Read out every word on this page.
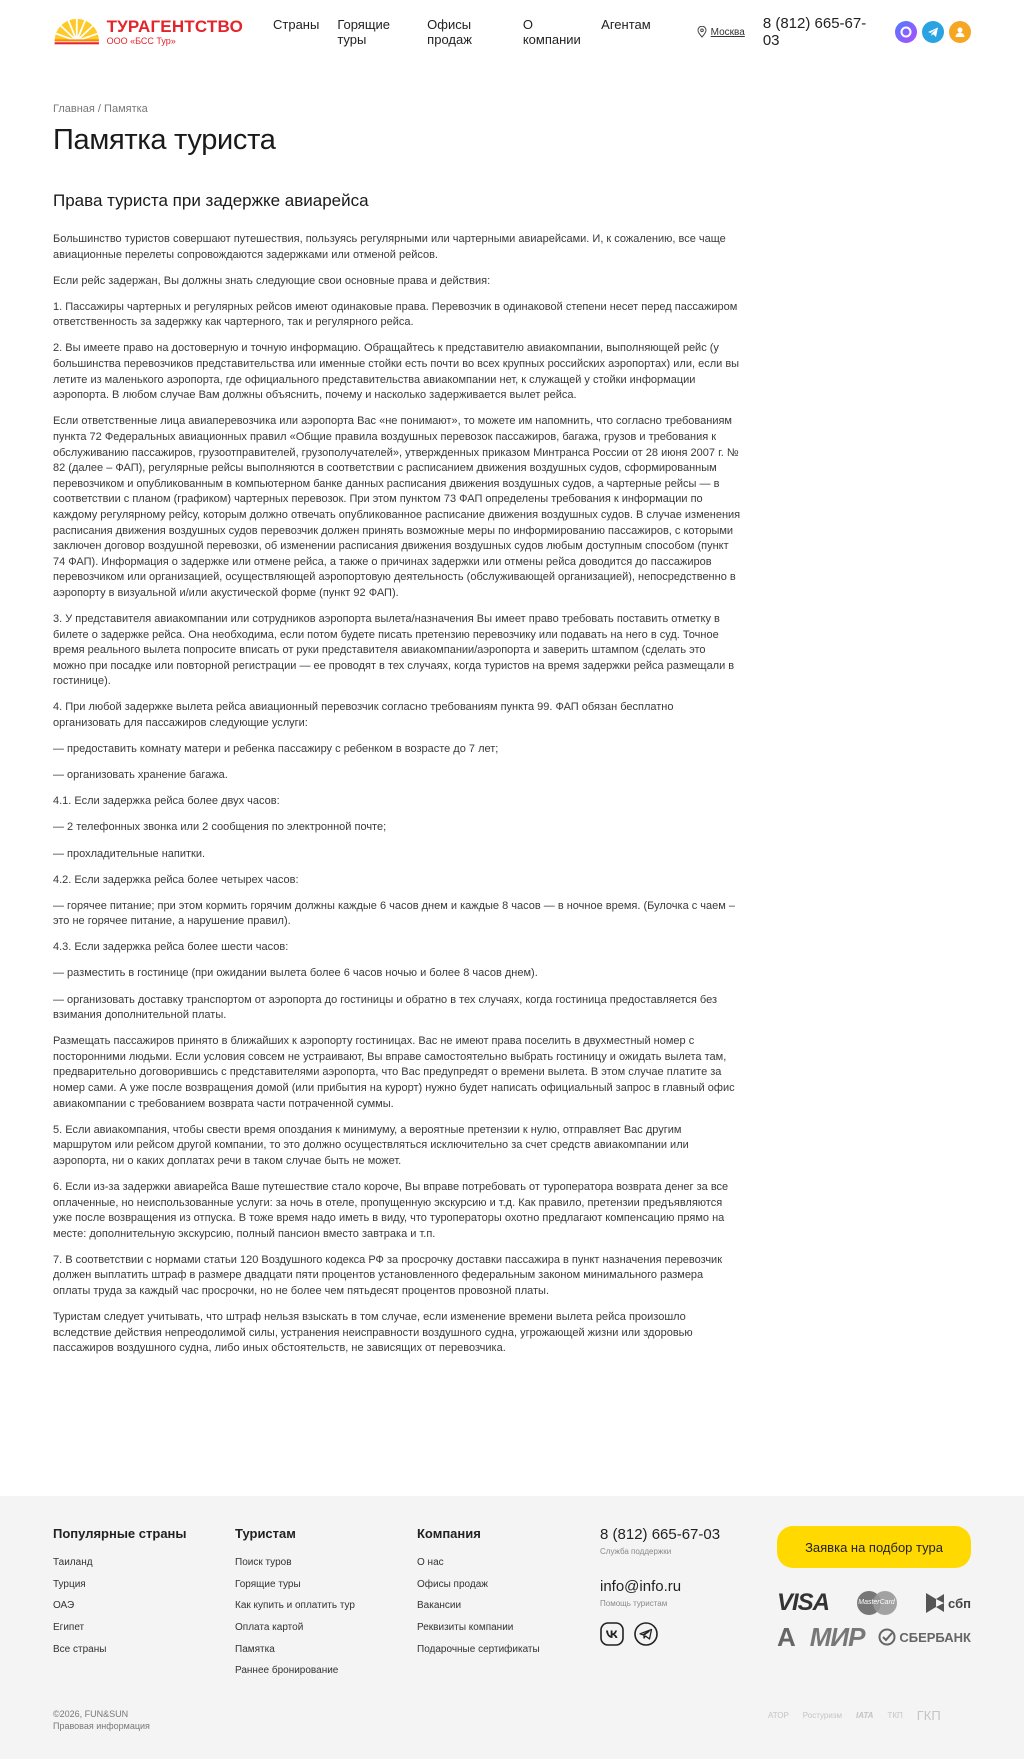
ТУРАГЕНТСТВО
ООО «БСС Тур»
Страны Горящие туры
Офисы продаж
О компании
Агентам	Москва 8 (812) 665-67-03
Главная / Памятка
Памятка туриста
Права туриста при задержке авиарейса

Большинство туристов совершают путешествия, пользуясь регулярными или чартерными авиарейсами. И, к сожалению, все чаще авиационные перелеты сопровождаются задержками или отменой рейсов.

Если рейс задержан, Вы должны знать следующие свои основные права и действия:

1. Пассажиры чартерных и регулярных рейсов имеют одинаковые права. Перевозчик в одинаковой степени несет перед пассажиром ответственность за задержку как чартерного, так и регулярного рейса.

2. Вы имеете право на достоверную и точную информацию. Обращайтесь к представителю авиакомпании, выполняющей рейс (у большинства перевозчиков представительства или именные стойки есть почти во всех крупных российских аэропортах) или, если вы летите из маленького аэропорта, где официального представительства авиакомпании нет, к служащей у стойки информации аэропорта. В любом случае Вам должны объяснить, почему и насколько задерживается вылет рейса.

Если ответственные лица авиаперевозчика или аэропорта Вас «не понимают», то можете им напомнить, что согласно требованиям пункта 72 Федеральных авиационных правил «Общие правила воздушных перевозок пассажиров, багажа, грузов и требования к обслуживанию пассажиров, грузоотправителей, грузополучателей», утвержденных приказом Минтранса России от 28 июня 2007 г. № 82 (далее – ФАП), регулярные рейсы выполняются в соответствии с расписанием движения воздушных судов, сформированным перевозчиком и опубликованным в компьютерном банке данных расписания движения воздушных судов, а чартерные рейсы — в соответствии с планом (графиком) чартерных перевозок. При этом пунктом 73 ФАП определены требования к информации по каждому регулярному рейсу, которым должно отвечать опубликованное расписание движения воздушных судов. В случае изменения расписания движения воздушных судов перевозчик должен принять возможные меры по информированию пассажиров, с которыми заключен договор воздушной перевозки, об изменении расписания движения воздушных судов любым доступным способом (пункт 74 ФАП). Информация о задержке или отмене рейса, а также о причинах задержки или отмены рейса доводится до пассажиров перевозчиком или организацией, осуществляющей аэропортовую деятельность (обслуживающей организацией), непосредственно в аэропорту в визуальной и/или акустической форме (пункт 92 ФАП).

3. У представителя авиакомпании или сотрудников аэропорта вылета/назначения Вы имеет право требовать поставить отметку в билете о задержке рейса. Она необходима, если потом будете писать претензию перевозчику или подавать на него в суд. Точное время реального вылета попросите вписать от руки представителя авиакомпании/аэропорта и заверить штампом (сделать это можно при посадке или повторной регистрации — ее проводят в тех случаях, когда туристов на время задержки рейса размещали в гостинице).

4. При любой задержке вылета рейса авиационный перевозчик согласно требованиям пункта 99. ФАП обязан бесплатно организовать для пассажиров следующие услуги:

— предоставить комнату матери и ребенка пассажиру с ребенком в возрасте до 7 лет;

— организовать хранение багажа.

4.1. Если задержка рейса более двух часов:

— 2 телефонных звонка или 2 сообщения по электронной почте;

— прохладительные напитки.

4.2. Если задержка рейса более четырех часов:

— горячее питание; при этом кормить горячим должны каждые 6 часов днем и каждые 8 часов — в ночное время. (Булочка с чаем – это не горячее питание, а нарушение правил).

4.3. Если задержка рейса более шести часов:

— разместить в гостинице (при ожидании вылета более 6 часов ночью и более 8 часов днем).

— организовать доставку транспортом от аэропорта до гостиницы и обратно в тех случаях, когда гостиница предоставляется без взимания дополнительной платы.

Размещать пассажиров принято в ближайших к аэропорту гостиницах. Вас не имеют права поселить в двухместный номер с посторонними людьми. Если условия совсем не устраивают, Вы вправе самостоятельно выбрать гостиницу и ожидать вылета там, предварительно договорившись с представителями аэропорта, что Вас предупредят о времени вылета. В этом случае платите за номер сами. А уже после возвращения домой (или прибытия на курорт) нужно будет написать официальный запрос в главный офис авиакомпании с требованием возврата части потраченной суммы.

5. Если авиакомпания, чтобы свести время опоздания к минимуму, а вероятные претензии к нулю, отправляет Вас другим маршрутом или рейсом другой компании, то это должно осуществляться исключительно за счет средств авиакомпании или аэропорта, ни о каких доплатах речи в таком случае быть не может.

6. Если из-за задержки авиарейса Ваше путешествие стало короче, Вы вправе потребовать от туроператора возврата денег за все оплаченные, но неиспользованные услуги: за ночь в отеле, пропущенную экскурсию и т.д. Как правило, претензии предъявляются уже после возвращения из отпуска. В тоже время надо иметь в виду, что туроператоры охотно предлагают компенсацию прямо на месте: дополнительную экскурсию, полный пансион вместо завтрака и т.п.

7. В соответствии с нормами статьи 120 Воздушного кодекса РФ за просрочку доставки пассажира в пункт назначения перевозчик должен выплатить штраф в размере двадцати пяти процентов установленного федеральным законом минимального размера оплаты труда за каждый час просрочки, но не более чем пятьдесят процентов провозной платы.

Туристам следует учитывать, что штраф нельзя взыскать в том случае, если изменение времени вылета рейса произошло вследствие действия непреодолимой силы, устранения неисправности воздушного судна, угрожающей жизни или здоровью пассажиров воздушного судна, либо иных обстоятельств, не зависящих от перевозчика.

Популярные страны
Таиланд
Турция
ОАЭ
Египет
Все страны
Туристам
Поиск туров
Горящие туры
Как купить и оплатить тур
Оплата картой
Памятка
Раннее бронирование
Компания
О нас
Офисы продаж
Вакансии
Реквизиты компании
Подарочные сертификаты
8 (812) 665-67-03
Служба поддержки
info@info.ru
Помощь туристам
Заявка на подбор тура
VISA	MasterCard	сбп
А МИР	СБЕРБАНК
©2026, FUN&SUN
Правовая информация
АТОР Ростуризм IATA ТКП ГКП
